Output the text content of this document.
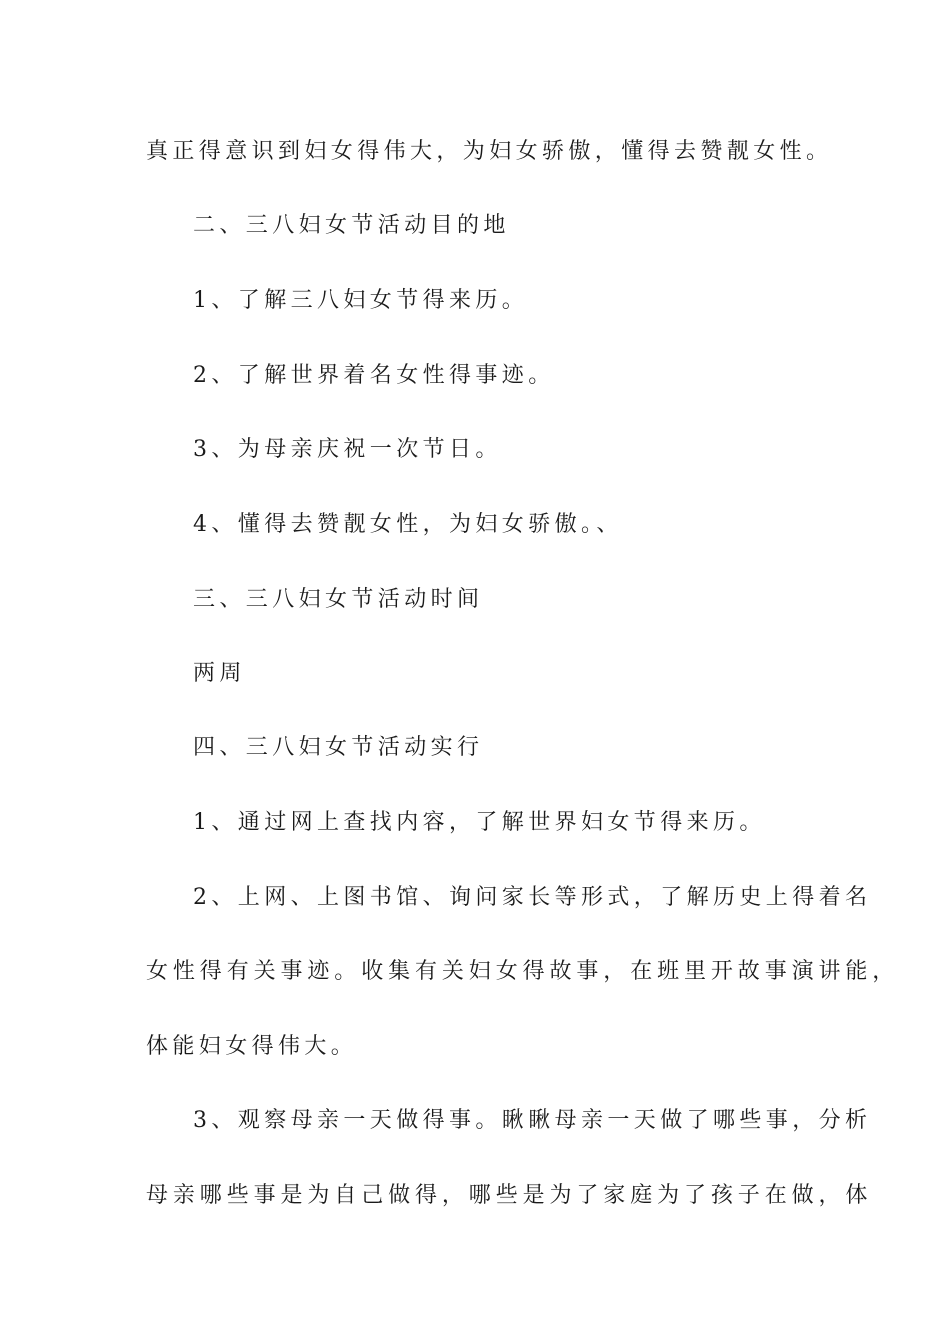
真正得意识到妇女得伟大，为妇女骄傲，懂得去赞靓女性。
二、三八妇女节活动目的地
1、了解三八妇女节得来历。
2、了解世界着名女性得事迹。
3、为母亲庆祝一次节日。
4、懂得去赞靓女性，为妇女骄傲。、
三、三八妇女节活动时间
两周
四、三八妇女节活动实行
1、通过网上查找内容，了解世界妇女节得来历。
2、上网、上图书馆、询问家长等形式，了解历史上得着名
女性得有关事迹。收集有关妇女得故事，在班里开故事演讲能，
体能妇女得伟大。
3、观察母亲一天做得事。瞅瞅母亲一天做了哪些事，分析
母亲哪些事是为自己做得，哪些是为了家庭为了孩子在做，体
